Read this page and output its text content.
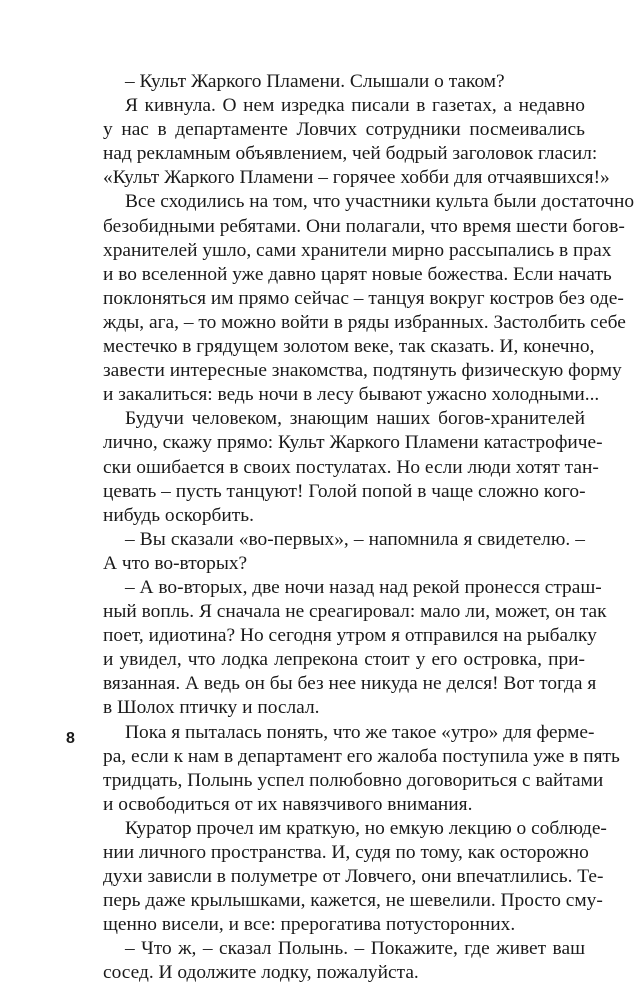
8
– Культ Жаркого Пламени. Слышали о таком?
Я кивнула. О нем изредка писали в газетах, а недавно
у нас в департаменте Ловчих сотрудники посмеивались
над рекламным объявлением, чей бодрый заголовок гласил:
«Культ Жаркого Пламени – горячее хобби для отчаявшихся!»
Все сходились на том, что участники культа были достаточно
безобидными ребятами. Они полагали, что время шести богов-
хранителей ушло, сами хранители мирно рассыпались в прах
и во вселенной уже давно царят новые божества. Если начать
поклоняться им прямо сейчас – танцуя вокруг костров без оде-
жды, ага, – то можно войти в ряды избранных. Застолбить себе
местечко в грядущем золотом веке, так сказать. И, конечно,
завести интересные знакомства, подтянуть физическую форму
и закалиться: ведь ночи в лесу бывают ужасно холодными...
Будучи человеком, знающим наших богов-хранителей
лично, скажу прямо: Культ Жаркого Пламени катастрофиче-
ски ошибается в своих постулатах. Но если люди хотят тан-
цевать – пусть танцуют! Голой попой в чаще сложно кого-
нибудь оскорбить.
– Вы сказали «во-первых», – напомнила я свидетелю. –
А что во-вторых?
– А во-вторых, две ночи назад над рекой пронесся страш-
ный вопль. Я сначала не среагировал: мало ли, может, он так
поет, идиотина? Но сегодня утром я отправился на рыбалку
и увидел, что лодка лепрекона стоит у его островка, при-
вязанная. А ведь он бы без нее никуда не делся! Вот тогда я
в Шолох птичку и послал.
Пока я пыталась понять, что же такое «утро» для ферме-
ра, если к нам в департамент его жалоба поступила уже в пять
тридцать, Полынь успел полюбовно договориться с вайтами
и освободиться от их навязчивого внимания.
Куратор прочел им краткую, но емкую лекцию о соблюде-
нии личного пространства. И, судя по тому, как осторожно
духи зависли в полуметре от Ловчего, они впечатлились. Те-
перь даже крылышками, кажется, не шевелили. Просто сму-
щенно висели, и все: прерогатива потусторонних.
– Что ж, – сказал Полынь. – Покажите, где живет ваш
сосед. И одолжите лодку, пожалуйста.
